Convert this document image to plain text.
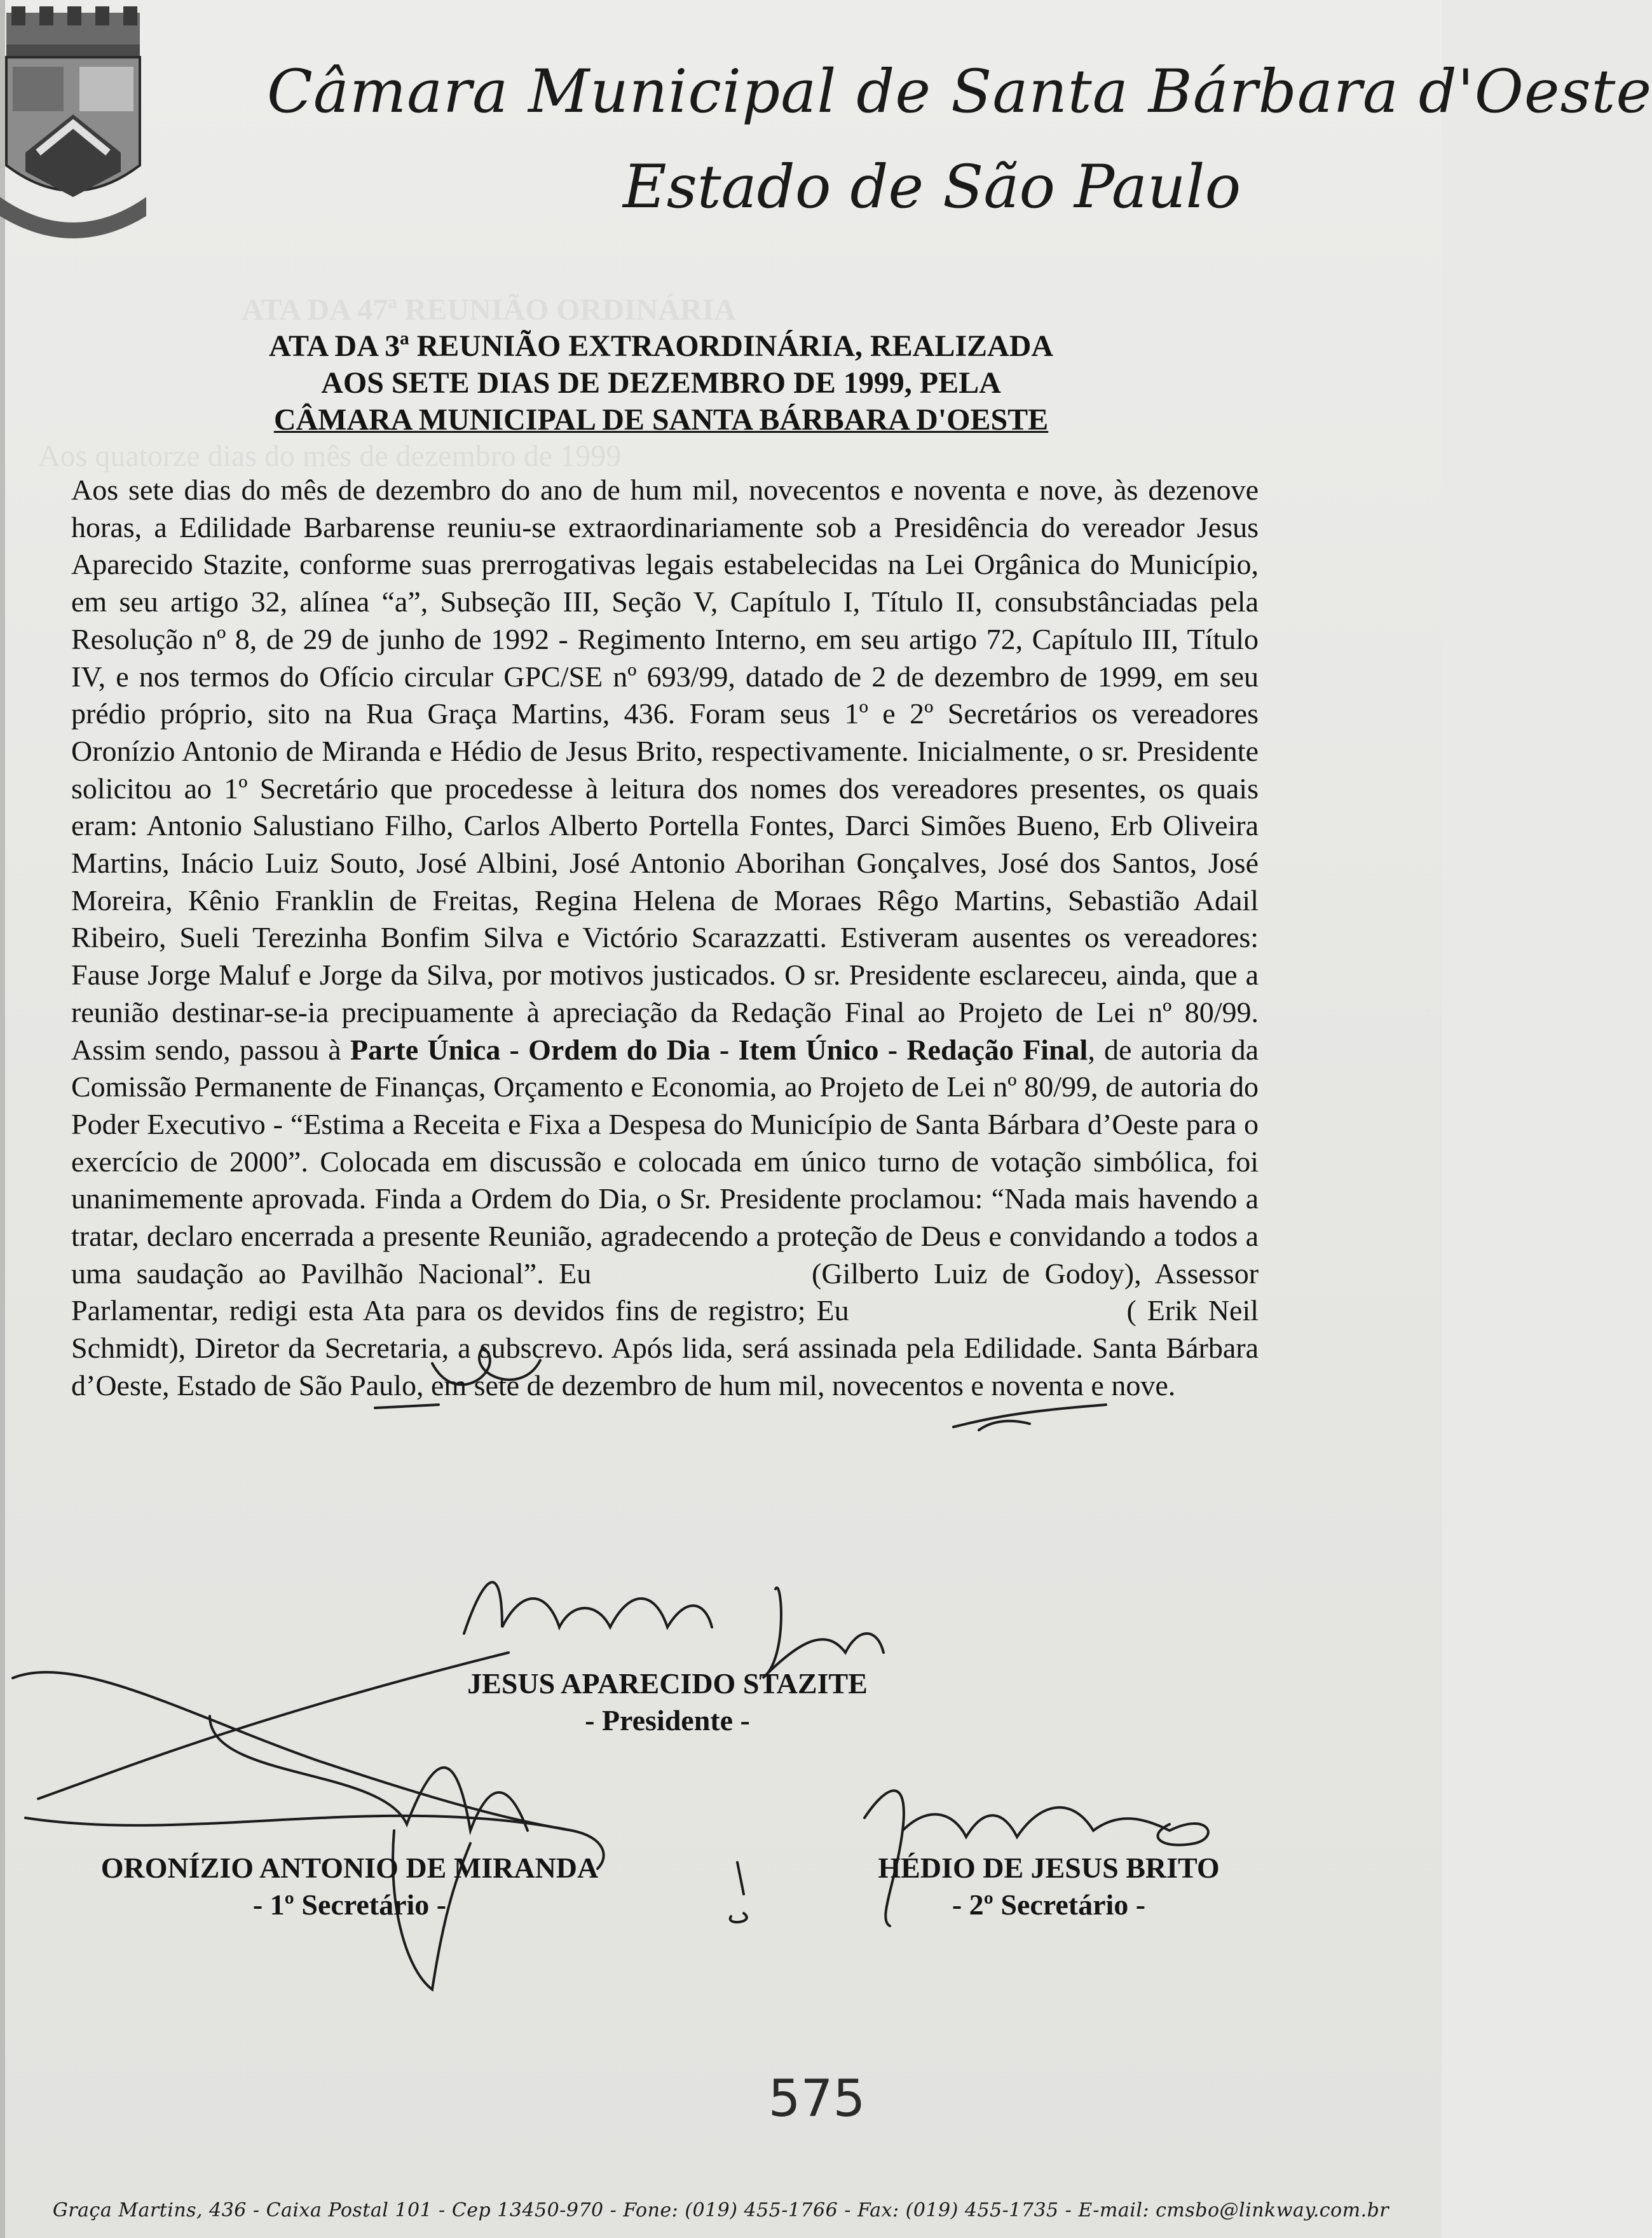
ATA DA 47ª REUNIÃO ORDINÁRIA
Aos quatorze dias do mês de dezembro de 1999
Câmara Municipal de Santa Bárbara d'Oeste
Estado de São Paulo
ATA DA 3ª REUNIÃO EXTRAORDINÁRIA, REALIZADA
AOS SETE DIAS DE DEZEMBRO DE 1999, PELA
CÂMARA MUNICIPAL DE SANTA BÁRBARA D'OESTE

Aos sete dias do mês de dezembro do ano de hum mil, novecentos e noventa e nove, às dezenove horas, a Edilidade Barbarense reuniu-se extraordinariamente sob a Presidência do vereador Jesus Aparecido Stazite, conforme suas prerrogativas legais estabelecidas na Lei Orgânica do Município, em seu artigo 32, alínea “a”, Subseção III, Seção V, Capítulo I, Título II, consubstânciadas pela Resolução nº 8, de 29 de junho de 1992 - Regimento Interno, em seu artigo 72, Capítulo III, Título IV, e nos termos do Ofício circular GPC/SE nº 693/99, datado de 2 de dezembro de 1999, em seu prédio próprio, sito na Rua Graça Martins, 436. Foram seus 1º e 2º Secretários os vereadores Oronízio Antonio de Miranda e Hédio de Jesus Brito, respectivamente. Inicialmente, o sr. Presidente solicitou ao 1º Secretário que procedesse à leitura dos nomes dos vereadores presentes, os quais eram: Antonio Salustiano Filho, Carlos Alberto Portella Fontes, Darci Simões Bueno, Erb Oliveira Martins, Inácio Luiz Souto, José Albini, José Antonio Aborihan Gonçalves, José dos Santos, José Moreira, Kênio Franklin de Freitas, Regina Helena de Moraes Rêgo Martins, Sebastião Adail Ribeiro, Sueli Terezinha Bonfim Silva e Victório Scarazzatti. Estiveram ausentes os vereadores: Fause Jorge Maluf e Jorge da Silva, por motivos justicados. O sr. Presidente esclareceu, ainda, que a reunião destinar-se-ia precipuamente à apreciação da Redação Final ao Projeto de Lei nº 80/99. Assim sendo, passou à Parte Única - Ordem do Dia - Item Único - Redação Final, de autoria da Comissão Permanente de Finanças, Orçamento e Economia, ao Projeto de Lei nº 80/99, de autoria do Poder Executivo - “Estima a Receita e Fixa a Despesa do Município de Santa Bárbara d’Oeste para o exercício de 2000”. Colocada em discussão e colocada em único turno de votação simbólica, foi unanimemente aprovada. Finda a Ordem do Dia, o Sr. Presidente proclamou: “Nada mais havendo a tratar, declaro encerrada a presente Reunião, agradecendo a proteção de Deus e convidando a todos a uma saudação ao Pavilhão Nacional”. Eu	(Gilberto Luiz de Godoy), Assessor Parlamentar, redigi esta Ata para os devidos fins de registro; Eu	( Erik Neil Schmidt), Diretor da Secretaria, a subscrevo. Após lida, será assinada pela Edilidade. Santa Bárbara d’Oeste, Estado de São Paulo, em sete de dezembro de hum mil, novecentos e noventa e nove.

JESUS APARECIDO STAZITE
- Presidente -
ORONÍZIO ANTONIO DE MIRANDA
- 1º Secretário -
HÉDIO DE JESUS BRITO
- 2º Secretário -
575
Graça Martins, 436 - Caixa Postal 101 - Cep 13450-970 - Fone: (019) 455-1766 - Fax: (019) 455-1735 - E-mail: cmsbo@linkway.com.br
